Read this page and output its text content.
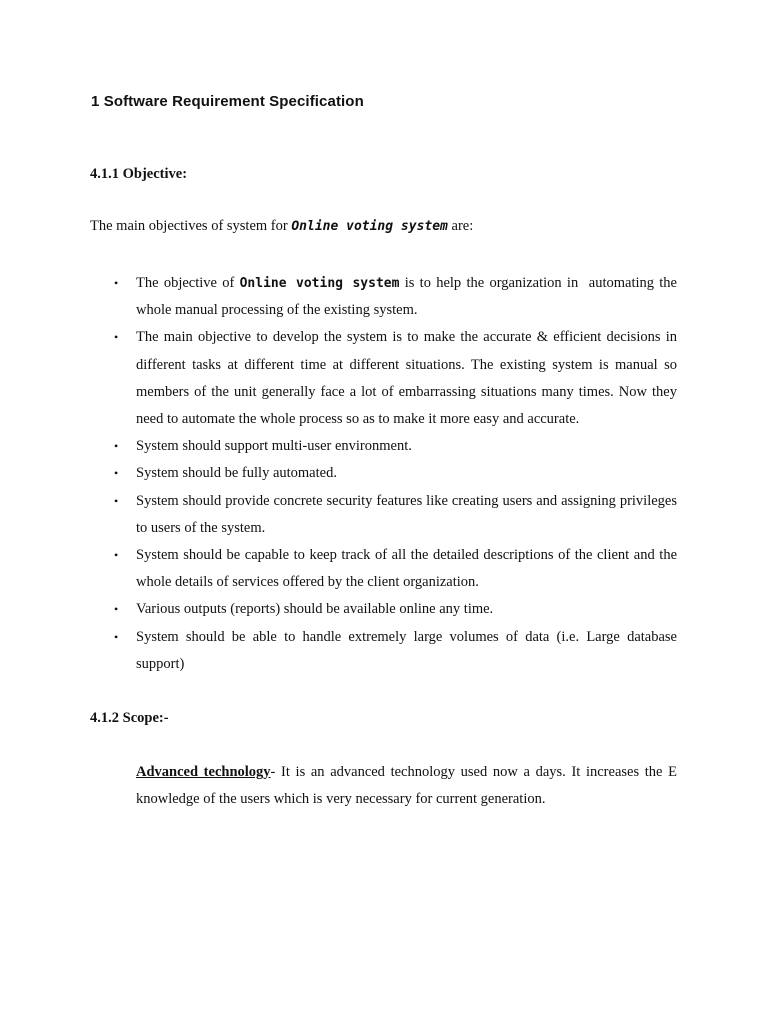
1 Software Requirement Specification
4.1.1 Objective:
The main objectives of system for Online voting system are:
• The objective of Online voting system is to help the organization in  automating the whole manual processing of the existing system.
• The main objective to develop the system is to make the accurate & efficient decisions in different tasks at different time at different situations. The existing system is manual so members of the unit generally face a lot of embarrassing situations many times. Now they need to automate the whole process so as to make it more easy and accurate.
• System should support multi-user environment.
• System should be fully automated.
• System should provide concrete security features like creating users and assigning privileges to users of the system.
• System should be capable to keep track of all the detailed descriptions of the client and the whole details of services offered by the client organization.
• Various outputs (reports) should be available online any time.
• System should be able to handle extremely large volumes of data (i.e. Large database support)
4.1.2 Scope:-

Advanced technology- It is an advanced technology used now a days. It increases the E knowledge of the users which is very necessary for current generation.
